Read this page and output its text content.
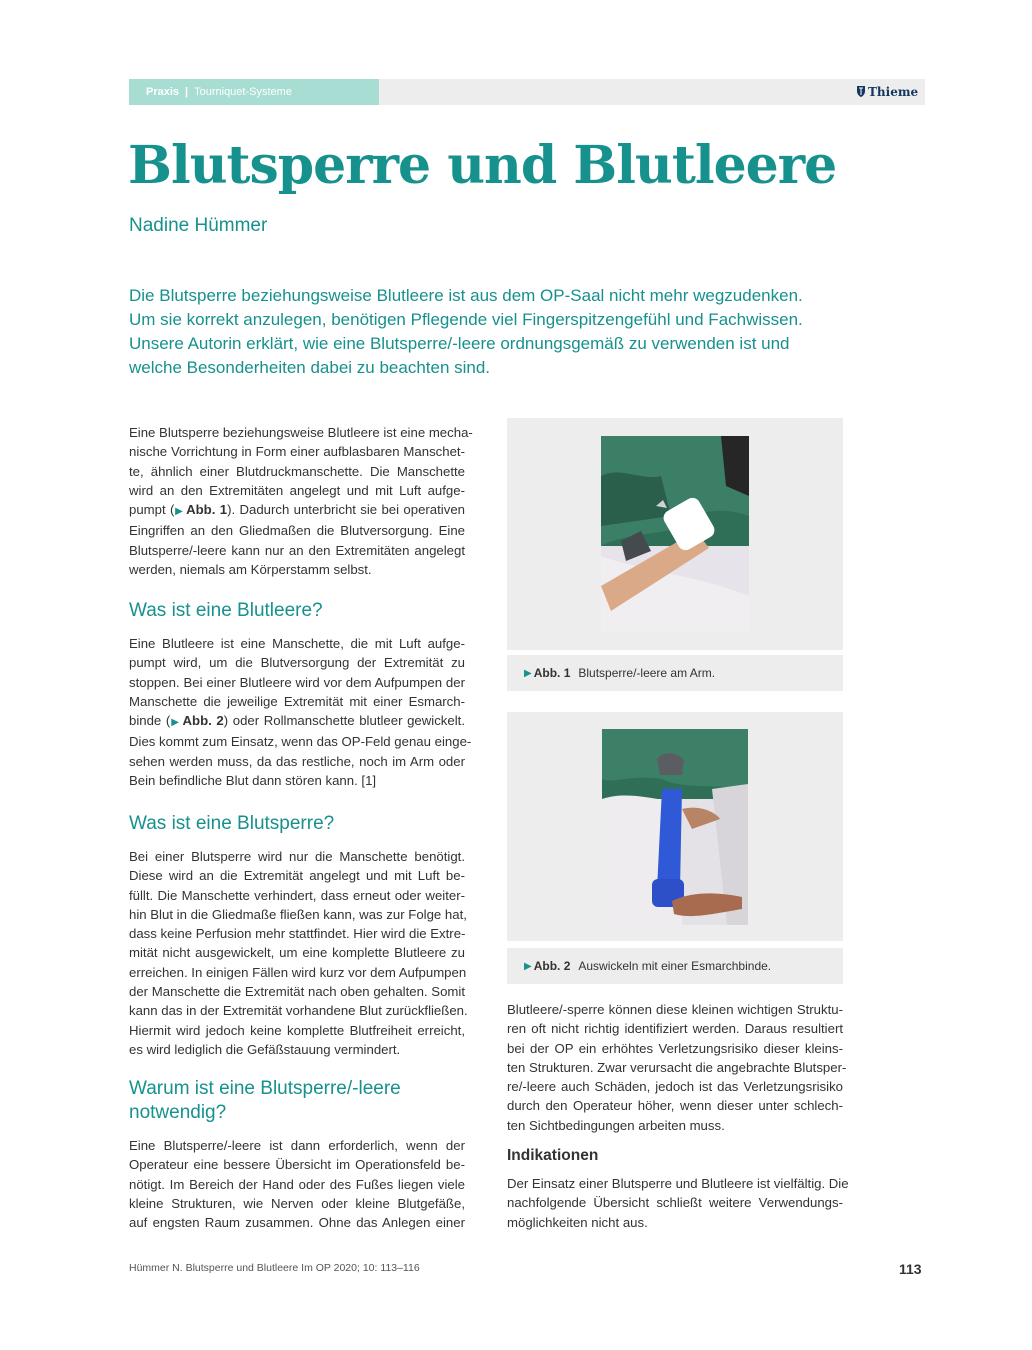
Praxis | Tourniquet-Systeme	Thieme
Blutsperre und Blutleere
Nadine Hümmer
Die Blutsperre beziehungsweise Blutleere ist aus dem OP-Saal nicht mehr wegzudenken.
Um sie korrekt anzulegen, benötigen Pflegende viel Fingerspitzengefühl und Fachwissen.
Unsere Autorin erklärt, wie eine Blutsperre/-leere ordnungsgemäß zu verwenden ist und
welche Besonderheiten dabei zu beachten sind.
Eine Blutsperre beziehungsweise Blutleere ist eine mecha-
nische Vorrichtung in Form einer aufblasbaren Manschet-
te, ähnlich einer Blutdruckmanschette. Die Manschette
wird an den Extremitäten angelegt und mit Luft aufge-
pumpt (▶  Abb. 1). Dadurch unterbricht sie bei operativen
Eingriffen an den Gliedmaßen die Blutversorgung. Eine
Blutsperre/-leere kann nur an den Extremitäten angelegt
werden, niemals am Körperstamm selbst.
Was ist eine Blutleere?
Eine Blutleere ist eine Manschette, die mit Luft aufge-
pumpt wird, um die Blutversorgung der Extremität zu
stoppen. Bei einer Blutleere wird vor dem Aufpumpen der
Manschette die jeweilige Extremität mit einer Esmarch-
binde (▶  Abb. 2) oder Rollmanschette blutleer gewickelt.
Dies kommt zum Einsatz, wenn das OP-Feld genau einge-
sehen werden muss, da das restliche, noch im Arm oder
Bein befindliche Blut dann stören kann. [1]
Was ist eine Blutsperre?
Bei einer Blutsperre wird nur die Manschette benötigt.
Diese wird an die Extremität angelegt und mit Luft be-
füllt. Die Manschette verhindert, dass erneut oder weiter-
hin Blut in die Gliedmaße fließen kann, was zur Folge hat,
dass keine Perfusion mehr stattfindet. Hier wird die Extre-
mität nicht ausgewickelt, um eine komplette Blutleere zu
erreichen. In einigen Fällen wird kurz vor dem Aufpumpen
der Manschette die Extremität nach oben gehalten. Somit
kann das in der Extremität vorhandene Blut zurückfließen.
Hiermit wird jedoch keine komplette Blutfreiheit erreicht,
es wird lediglich die Gefäßstauung vermindert.
Warum ist eine Blutsperre/-leere
notwendig?
Eine Blutsperre/-leere ist dann erforderlich, wenn der
Operateur eine bessere Übersicht im Operationsfeld be-
nötigt. Im Bereich der Hand oder des Fußes liegen viele
kleine Strukturen, wie Nerven oder kleine Blutgefäße,
auf engsten Raum zusammen. Ohne das Anlegen einer
▶ Abb. 1 Blutsperre/-leere am Arm.
▶ Abb. 2 Auswickeln mit einer Esmarchbinde.
Blutleere/-sperre können diese kleinen wichtigen Struktu-
ren oft nicht richtig identifiziert werden. Daraus resultiert
bei der OP ein erhöhtes Verletzungsrisiko dieser kleins-
ten Strukturen. Zwar verursacht die angebrachte Blutsper-
re/-leere auch Schäden, jedoch ist das Verletzungsrisiko
durch den Operateur höher, wenn dieser unter schlech-
ten Sichtbedingungen arbeiten muss.
Indikationen
Der Einsatz einer Blutsperre und Blutleere ist vielfältig. Die
nachfolgende Übersicht schließt weitere Verwendungs-
möglichkeiten nicht aus.
Hümmer N. Blutsperre und Blutleere Im OP 2020; 10: 113–116	113
